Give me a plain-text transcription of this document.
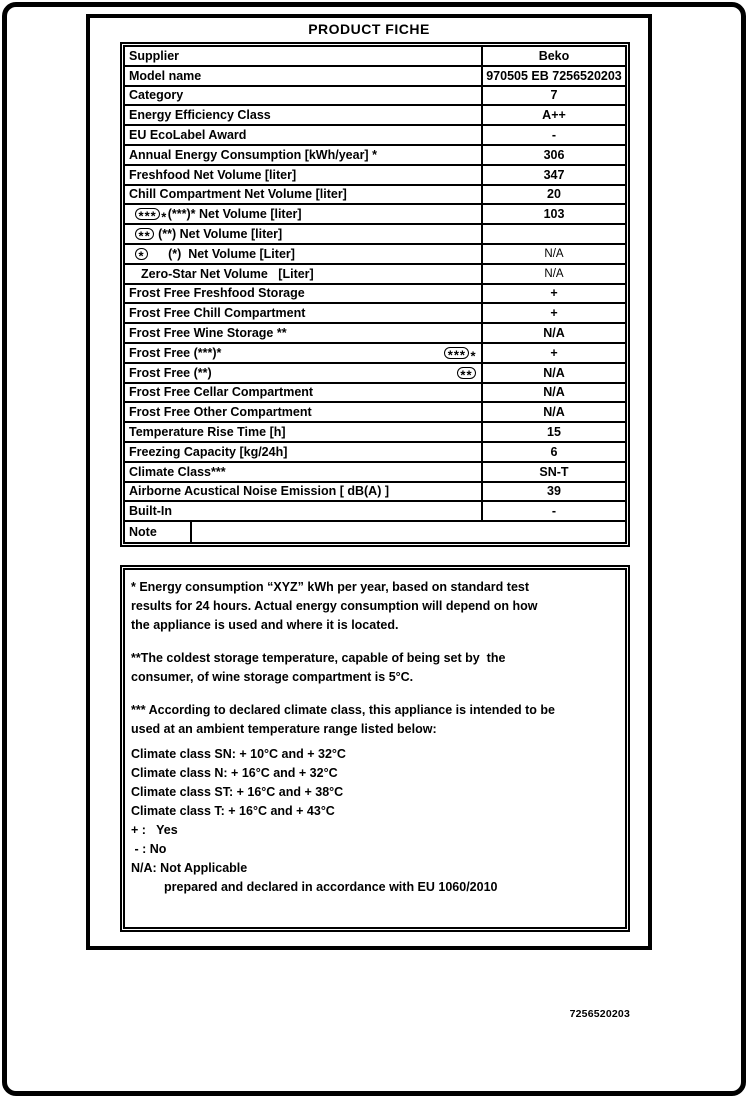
PRODUCT FICHE
Supplier	Beko
Model name	970505 EB 7256520203
Category	7
Energy Efficiency Class	A++
EU EcoLabel Award	-
Annual Energy Consumption [kWh/year] *	306
Freshfood Net Volume [liter]	347
Chill Compartment Net Volume [liter]	20
* * * * (***)* Net Volume [liter]	103
* * (**) Net Volume [liter]
* (*)  Net Volume [Liter]	N/A
Zero-Star Net Volume   [Liter]	N/A
Frost Free Freshfood Storage	+
Frost Free Chill Compartment	+
Frost Free Wine Storage **	N/A
Frost Free (***)*	* * * *	+
Frost Free (**)	* *	N/A
Frost Free Cellar Compartment	N/A
Frost Free Other Compartment	N/A
Temperature Rise Time [h]	15
Freezing Capacity [kg/24h]	6
Climate Class***	SN-T
Airborne Acustical Noise Emission [ dB(A) ]	39
Built-In	-
Note
* Energy consumption “XYZ” kWh per year, based on standard test
results for 24 hours. Actual energy consumption will depend on how
the appliance is used and where it is located.
**The coldest storage temperature, capable of being set by  the
consumer, of wine storage compartment is 5°C.
*** According to declared climate class, this appliance is intended to be
used at an ambient temperature range listed below:
Climate class SN: + 10°C and + 32°C
Climate class N: + 16°C and + 32°C
Climate class ST: + 16°C and + 38°C
Climate class T: + 16°C and + 43°C
+ :   Yes
- : No
N/A: Not Applicable
prepared and declared in accordance with EU 1060/2010
7256520203
